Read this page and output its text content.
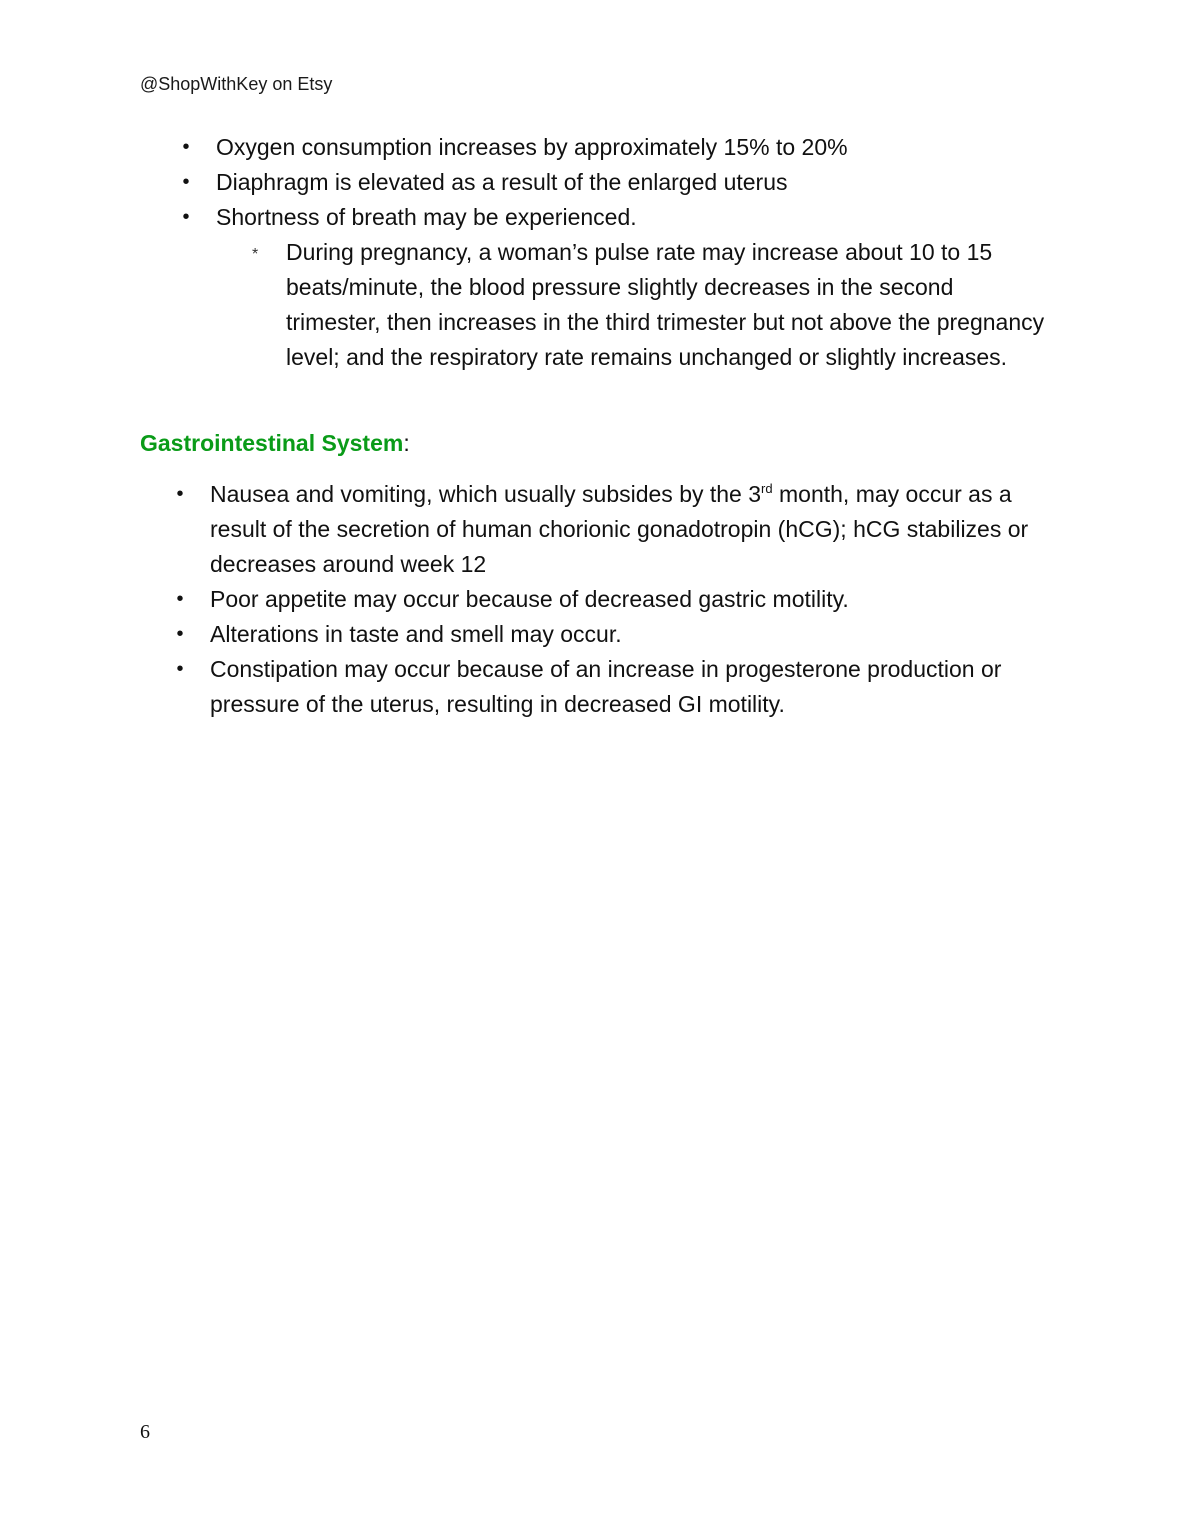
@ShopWithKey on Etsy
• Oxygen consumption increases by approximately 15% to 20%
• Diaphragm is elevated as a result of the enlarged uterus
• Shortness of breath may be experienced.
* During pregnancy, a woman’s pulse rate may increase about 10 to 15 beats/minute, the blood pressure slightly decreases in the second trimester, then increases in the third trimester but not above the pregnancy level; and the respiratory rate remains unchanged or slightly increases.
Gastrointestinal System:
• Nausea and vomiting, which usually subsides by the 3rd month, may occur as a result of the secretion of human chorionic gonadotropin (hCG); hCG stabilizes or decreases around week 12
• Poor appetite may occur because of decreased gastric motility.
• Alterations in taste and smell may occur.
• Constipation may occur because of an increase in progesterone production or pressure of the uterus, resulting in decreased GI motility.
6
